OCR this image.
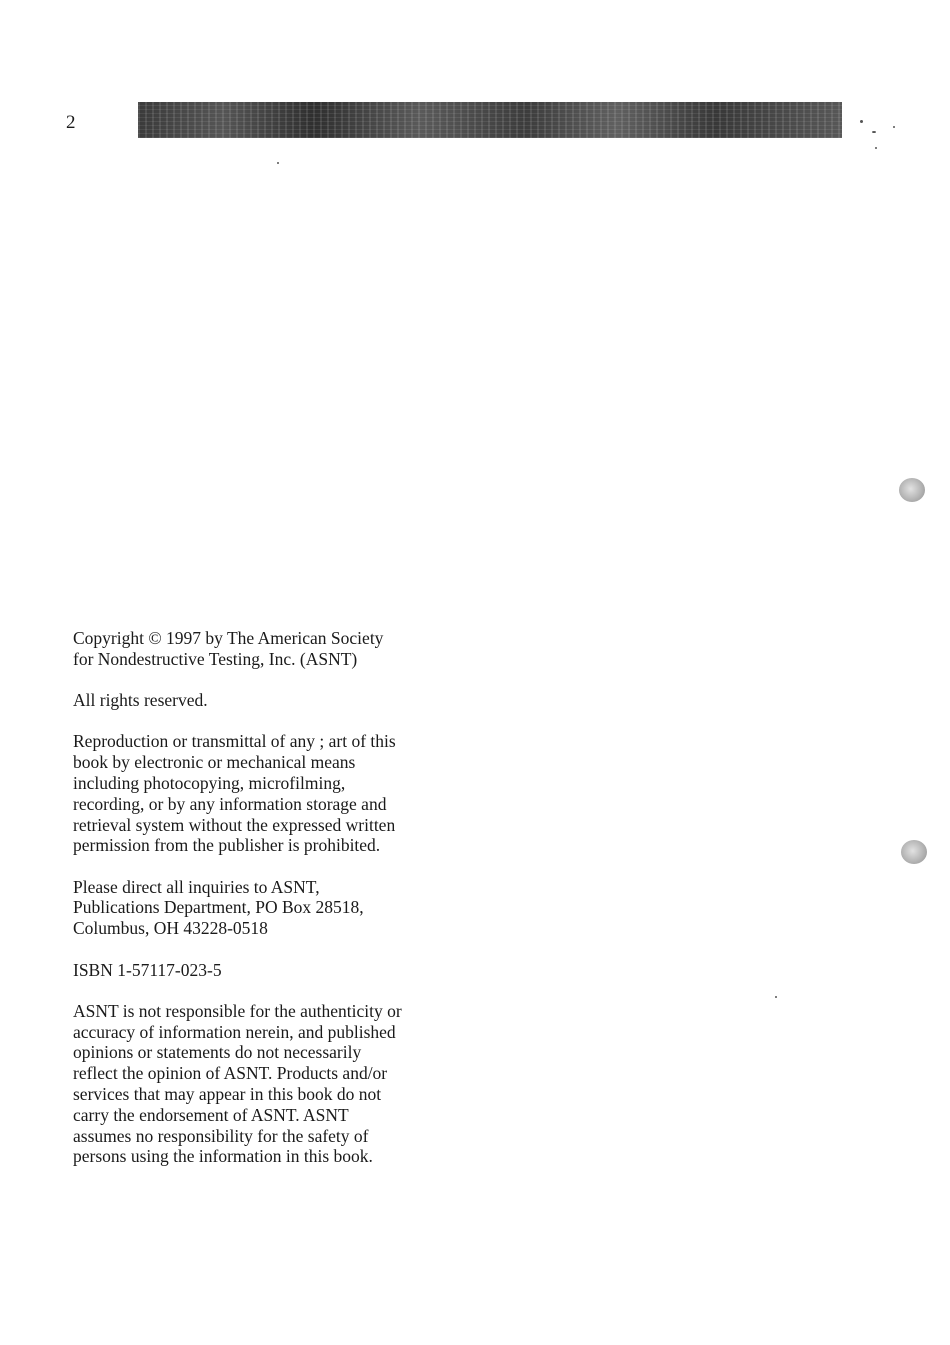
2

Copyright © 1997 by The American Society
for Nondestructive Testing, Inc. (ASNT)

All rights reserved.

Reproduction or transmittal of any ; art of this
book by electronic or mechanical means
including photocopying, microfilming,
recording, or by any information storage and
retrieval system without the expressed written
permission from the publisher is prohibited.

Please direct all inquiries to ASNT,
Publications Department, PO Box 28518,
Columbus, OH 43228-0518

ISBN 1-57117-023-5

ASNT is not responsible for the authenticity or
accuracy of information nerein, and published
opinions or statements do not necessarily
reflect the opinion of ASNT. Products and/or
services that may appear in this book do not
carry the endorsement of ASNT. ASNT
assumes no responsibility for the safety of
persons using the information in this book.
